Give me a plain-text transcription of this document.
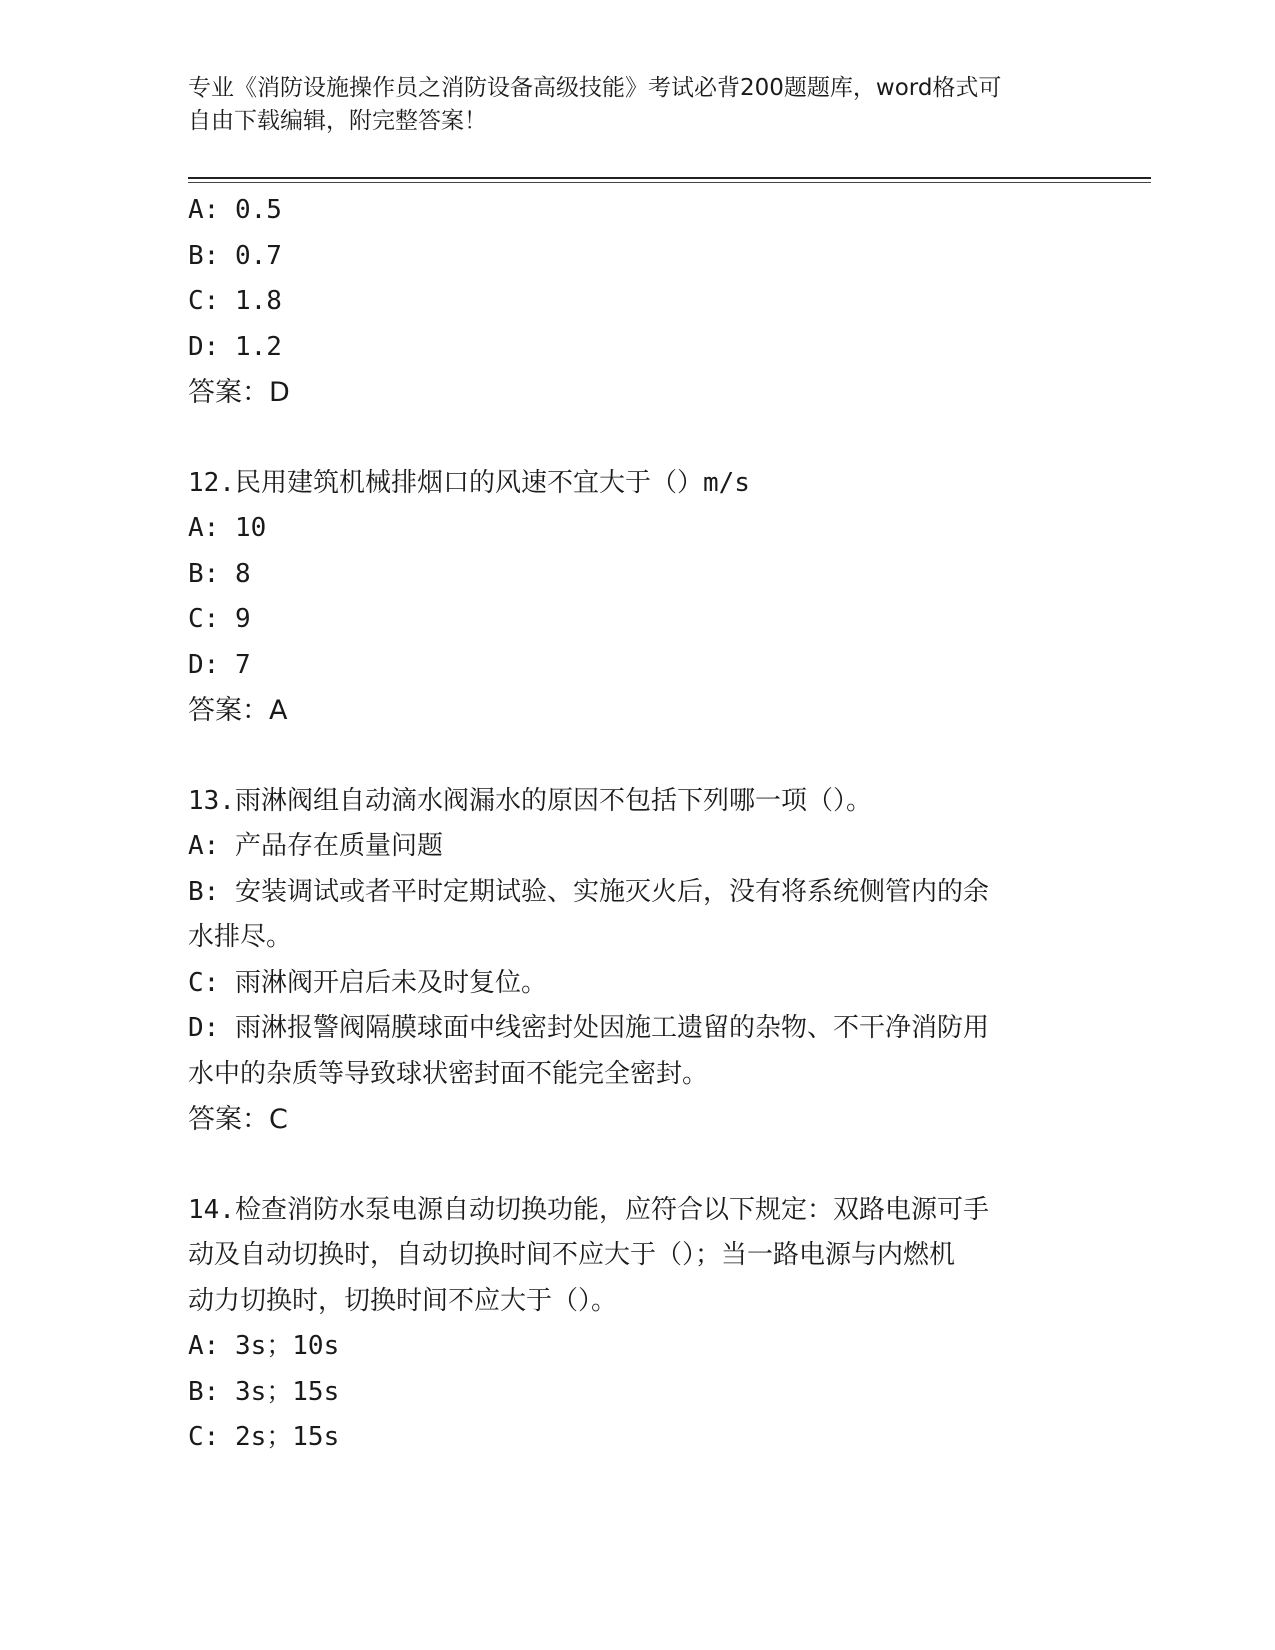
专业《消防设施操作员之消防设备高级技能》考试必背200题题库，word格式可
自由下载编辑，附完整答案！
A: 0.5
B: 0.7
C: 1.8
D: 1.2
答案：D
12.民用建筑机械排烟口的风速不宜大于（）m/s
A: 10
B: 8
C: 9
D: 7
答案：A
13.雨淋阀组自动滴水阀漏水的原因不包括下列哪一项（）。
A: 产品存在质量问题
B: 安装调试或者平时定期试验、实施灭火后，没有将系统侧管内的余
水排尽。
C: 雨淋阀开启后未及时复位。
D: 雨淋报警阀隔膜球面中线密封处因施工遗留的杂物、不干净消防用
水中的杂质等导致球状密封面不能完全密封。
答案：C
14.检查消防水泵电源自动切换功能，应符合以下规定：双路电源可手
动及自动切换时，自动切换时间不应大于（）；当一路电源与内燃机
动力切换时，切换时间不应大于（）。
A: 3s；10s
B: 3s；15s
C: 2s；15s
